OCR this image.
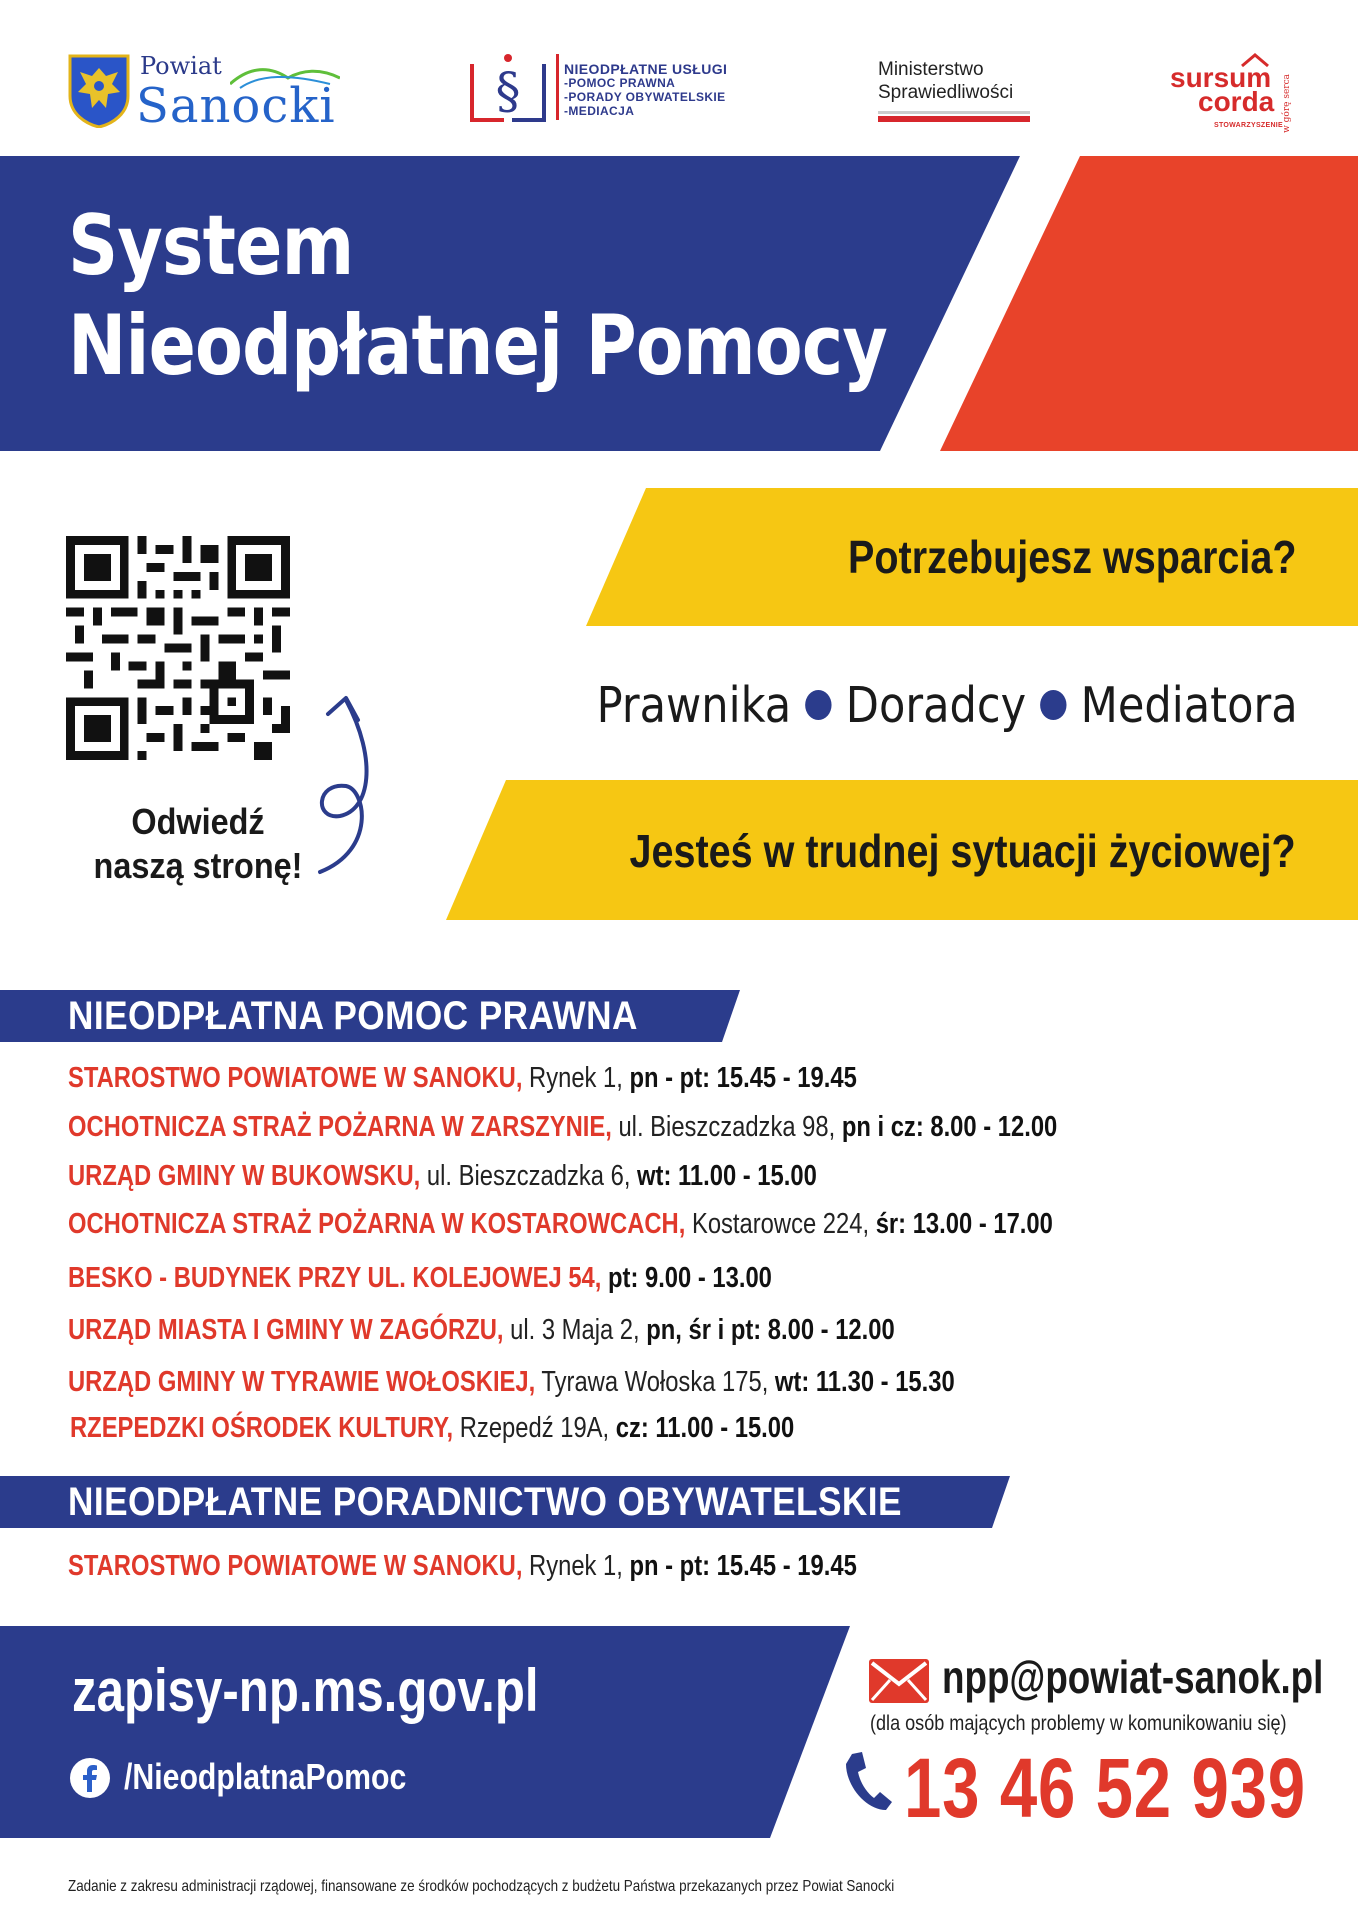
Powiat
Sanocki	§	NIEODPŁATNE USŁUGI
-POMOC PRAWNA
-PORADY OBYWATELSKIE
-MEDIACJA
Ministerstwo
Sprawiedliwości	sursum
corda
STOWARZYSZENIE
w górę serca
System
Nieodpłatnej Pomocy
Odwiedź
naszą stronę!
Potrzebujesz wsparcia?
Prawnika Doradcy Mediatora
Jesteś w trudnej sytuacji życiowej?
NIEODPŁATNA POMOC PRAWNA
STAROSTWO POWIATOWE W SANOKU, Rynek 1, pn - pt: 15.45 - 19.45
OCHOTNICZA STRAŻ POŻARNA W ZARSZYNIE, ul. Bieszczadzka 98, pn i cz: 8.00 - 12.00
URZĄD GMINY W BUKOWSKU, ul. Bieszczadzka 6, wt: 11.00 - 15.00
OCHOTNICZA STRAŻ POŻARNA W KOSTAROWCACH, Kostarowce 224, śr: 13.00 - 17.00
BESKO - BUDYNEK PRZY UL. KOLEJOWEJ 54, pt: 9.00 - 13.00
URZĄD MIASTA I GMINY W ZAGÓRZU, ul. 3 Maja 2, pn, śr i pt: 8.00 - 12.00
URZĄD GMINY W TYRAWIE WOŁOSKIEJ, Tyrawa Wołoska 175, wt: 11.30 - 15.30
RZEPEDZKI OŚRODEK KULTURY, Rzepedź 19A, cz: 11.00 - 15.00
NIEODPŁATNE PORADNICTWO OBYWATELSKIE
STAROSTWO POWIATOWE W SANOKU, Rynek 1, pn - pt: 15.45 - 19.45
zapisy-np.ms.gov.pl
/NieodplatnaPomoc
npp@powiat-sanok.pl
(dla osób mających problemy w komunikowaniu się)
13 46 52 939
Zadanie z zakresu administracji rządowej, finansowane ze środków pochodzących z budżetu Państwa przekazanych przez Powiat Sanocki
